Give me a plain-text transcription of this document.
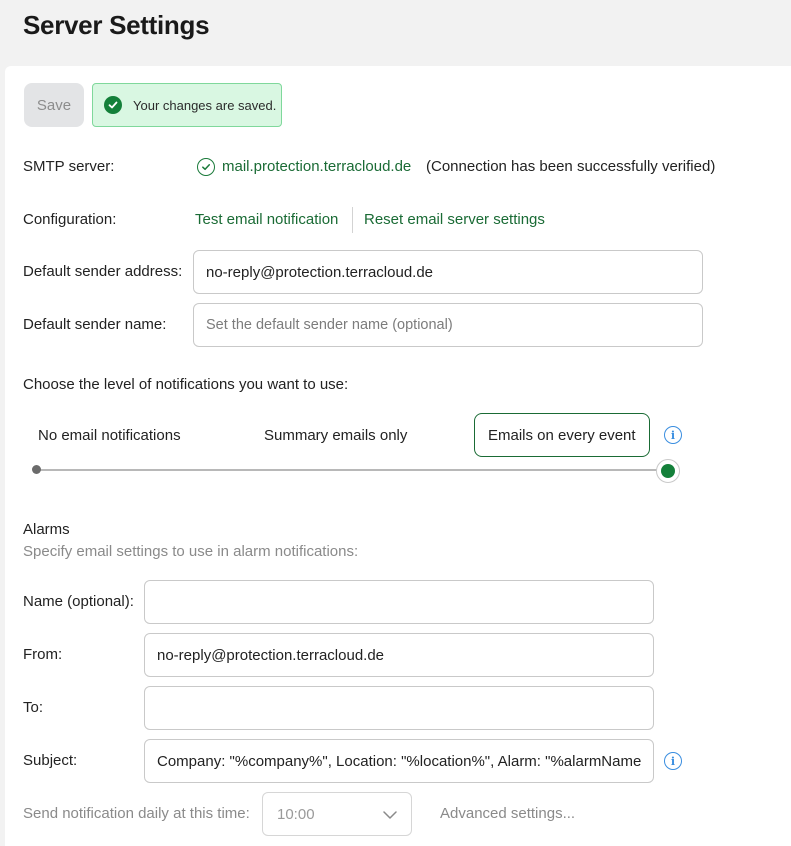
Server Settings
Save	Your changes are saved.
SMTP server:	mail.protection.terracloud.de (Connection has been successfully verified)
Configuration:	Test email notification Reset email server settings
Default sender address:	no-reply@protection.terracloud.de
Default sender name:	Set the default sender name (optional)
Choose the level of notifications you want to use:
No email notifications	Summary emails only	Emails on every event	i
Alarms
Specify email settings to use in alarm notifications:
Name (optional):
From:	no-reply@protection.terracloud.de
To:
Subject:	Company: "%company%", Location: "%location%", Alarm: "%alarmName	i
Send notification daily at this time: 10:00	Advanced settings...
